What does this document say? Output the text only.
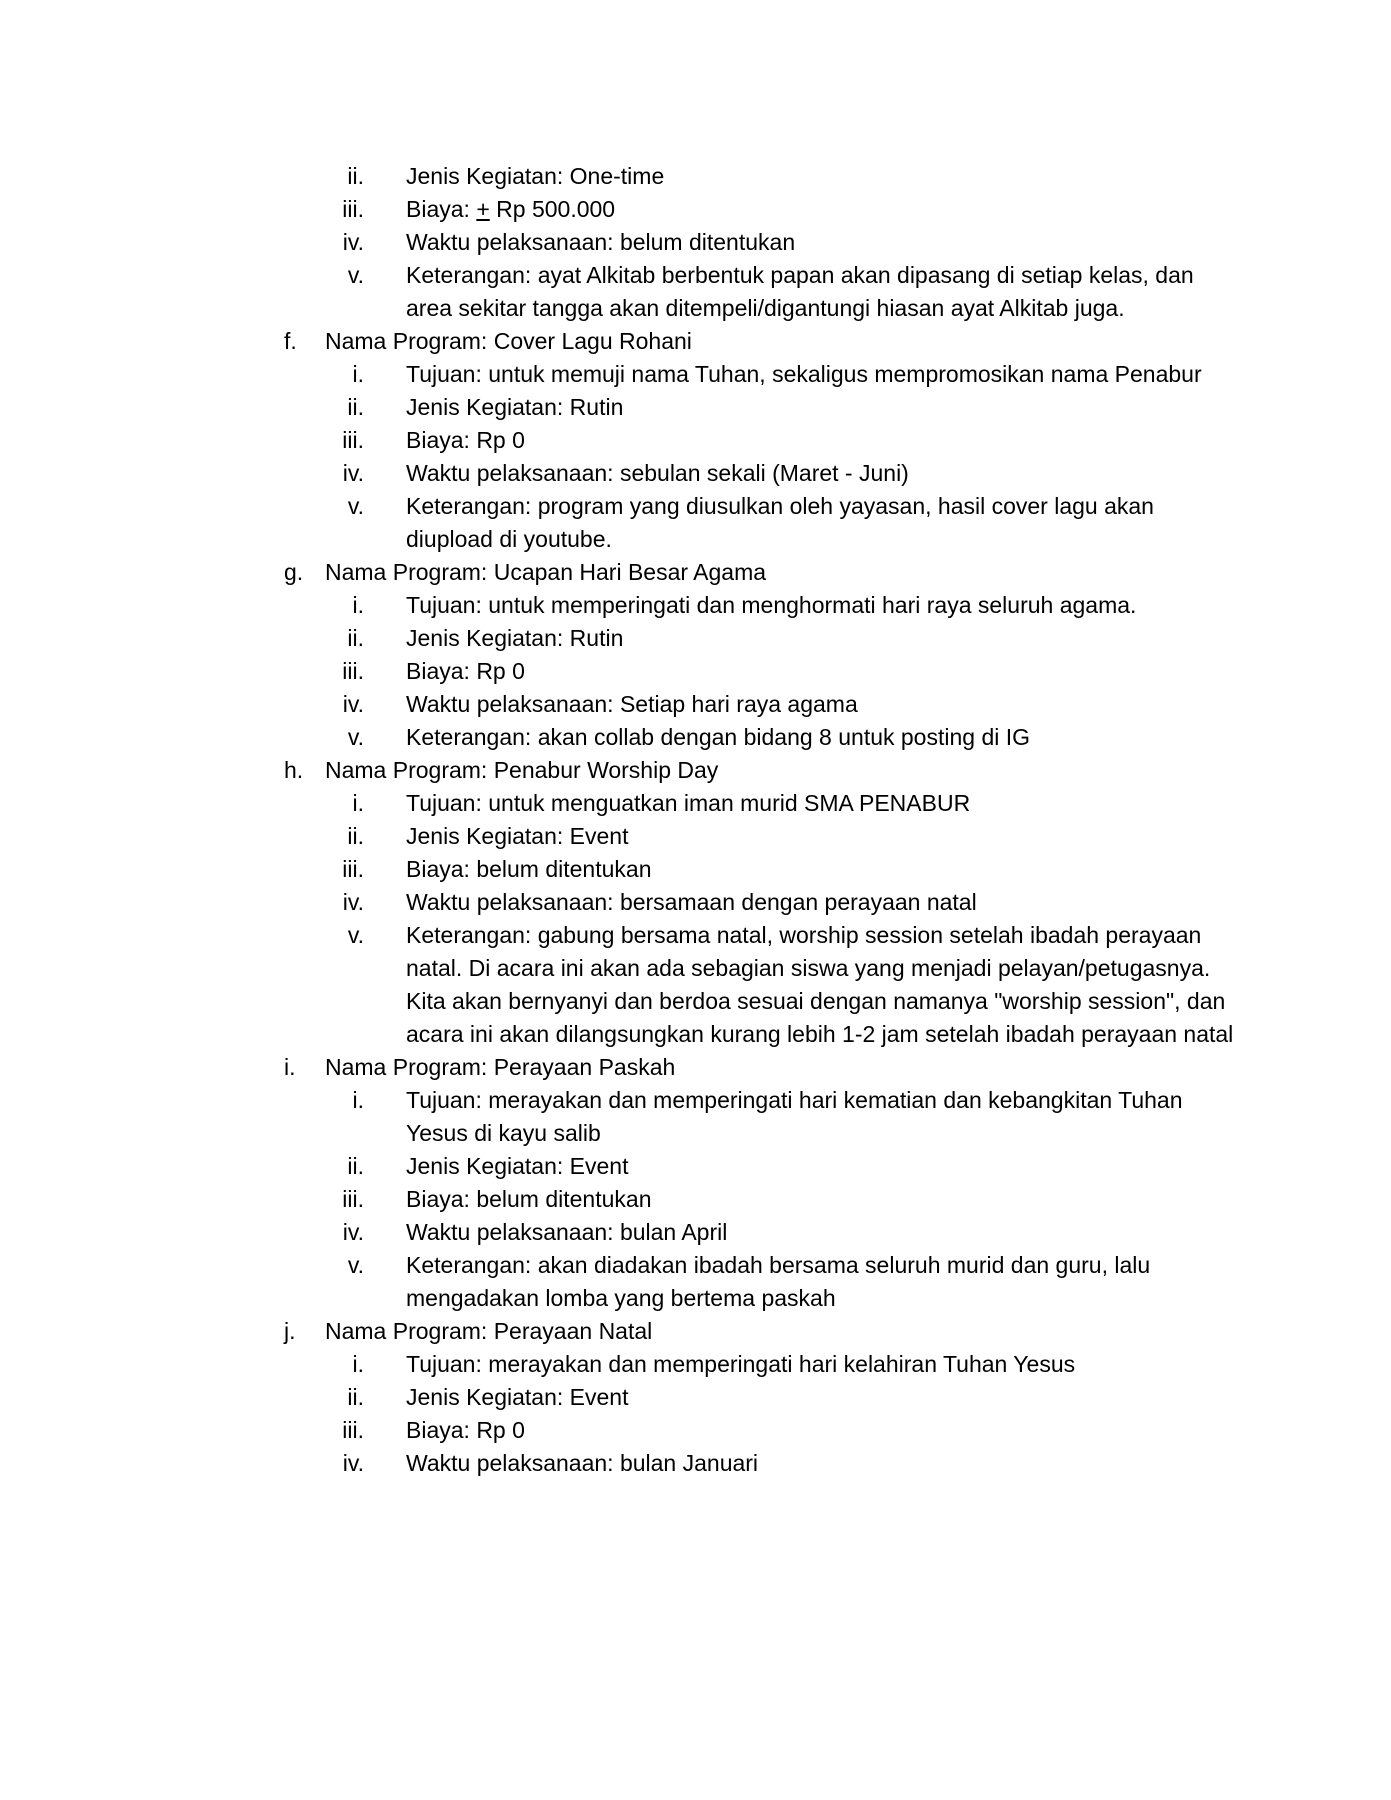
ii. Jenis Kegiatan: One-time
iii. Biaya: + Rp 500.000
iv. Waktu pelaksanaan: belum ditentukan
v. Keterangan: ayat Alkitab berbentuk papan akan dipasang di setiap kelas, dan area sekitar tangga akan ditempeli/digantungi hiasan ayat Alkitab juga.
f.	Nama Program: Cover Lagu Rohani
i. Tujuan: untuk memuji nama Tuhan, sekaligus mempromosikan nama Penabur
ii. Jenis Kegiatan: Rutin
iii. Biaya: Rp 0
iv. Waktu pelaksanaan: sebulan sekali (Maret - Juni)
v. Keterangan: program yang diusulkan oleh yayasan, hasil cover lagu akan diupload di youtube.
g. Nama Program: Ucapan Hari Besar Agama
i. Tujuan: untuk memperingati dan menghormati hari raya seluruh agama.
ii. Jenis Kegiatan: Rutin
iii. Biaya: Rp 0
iv. Waktu pelaksanaan: Setiap hari raya agama
v. Keterangan: akan collab dengan bidang 8 untuk posting di IG
h. Nama Program: Penabur Worship Day
i. Tujuan: untuk menguatkan iman murid SMA PENABUR
ii. Jenis Kegiatan: Event
iii. Biaya: belum ditentukan
iv. Waktu pelaksanaan: bersamaan dengan perayaan natal
v. Keterangan: gabung bersama natal, worship session setelah ibadah perayaan natal. Di acara ini akan ada sebagian siswa yang menjadi pelayan/petugasnya. Kita akan bernyanyi dan berdoa sesuai dengan namanya "worship session", dan acara ini akan dilangsungkan kurang lebih 1-2 jam setelah ibadah perayaan natal
i.	Nama Program: Perayaan Paskah
i. Tujuan: merayakan dan memperingati hari kematian dan kebangkitan Tuhan Yesus di kayu salib
ii. Jenis Kegiatan: Event
iii. Biaya: belum ditentukan
iv. Waktu pelaksanaan: bulan April
v. Keterangan: akan diadakan ibadah bersama seluruh murid dan guru, lalu mengadakan lomba yang bertema paskah
j.	Nama Program: Perayaan Natal
i. Tujuan: merayakan dan memperingati hari kelahiran Tuhan Yesus
ii. Jenis Kegiatan: Event
iii. Biaya: Rp 0
iv. Waktu pelaksanaan: bulan Januari
